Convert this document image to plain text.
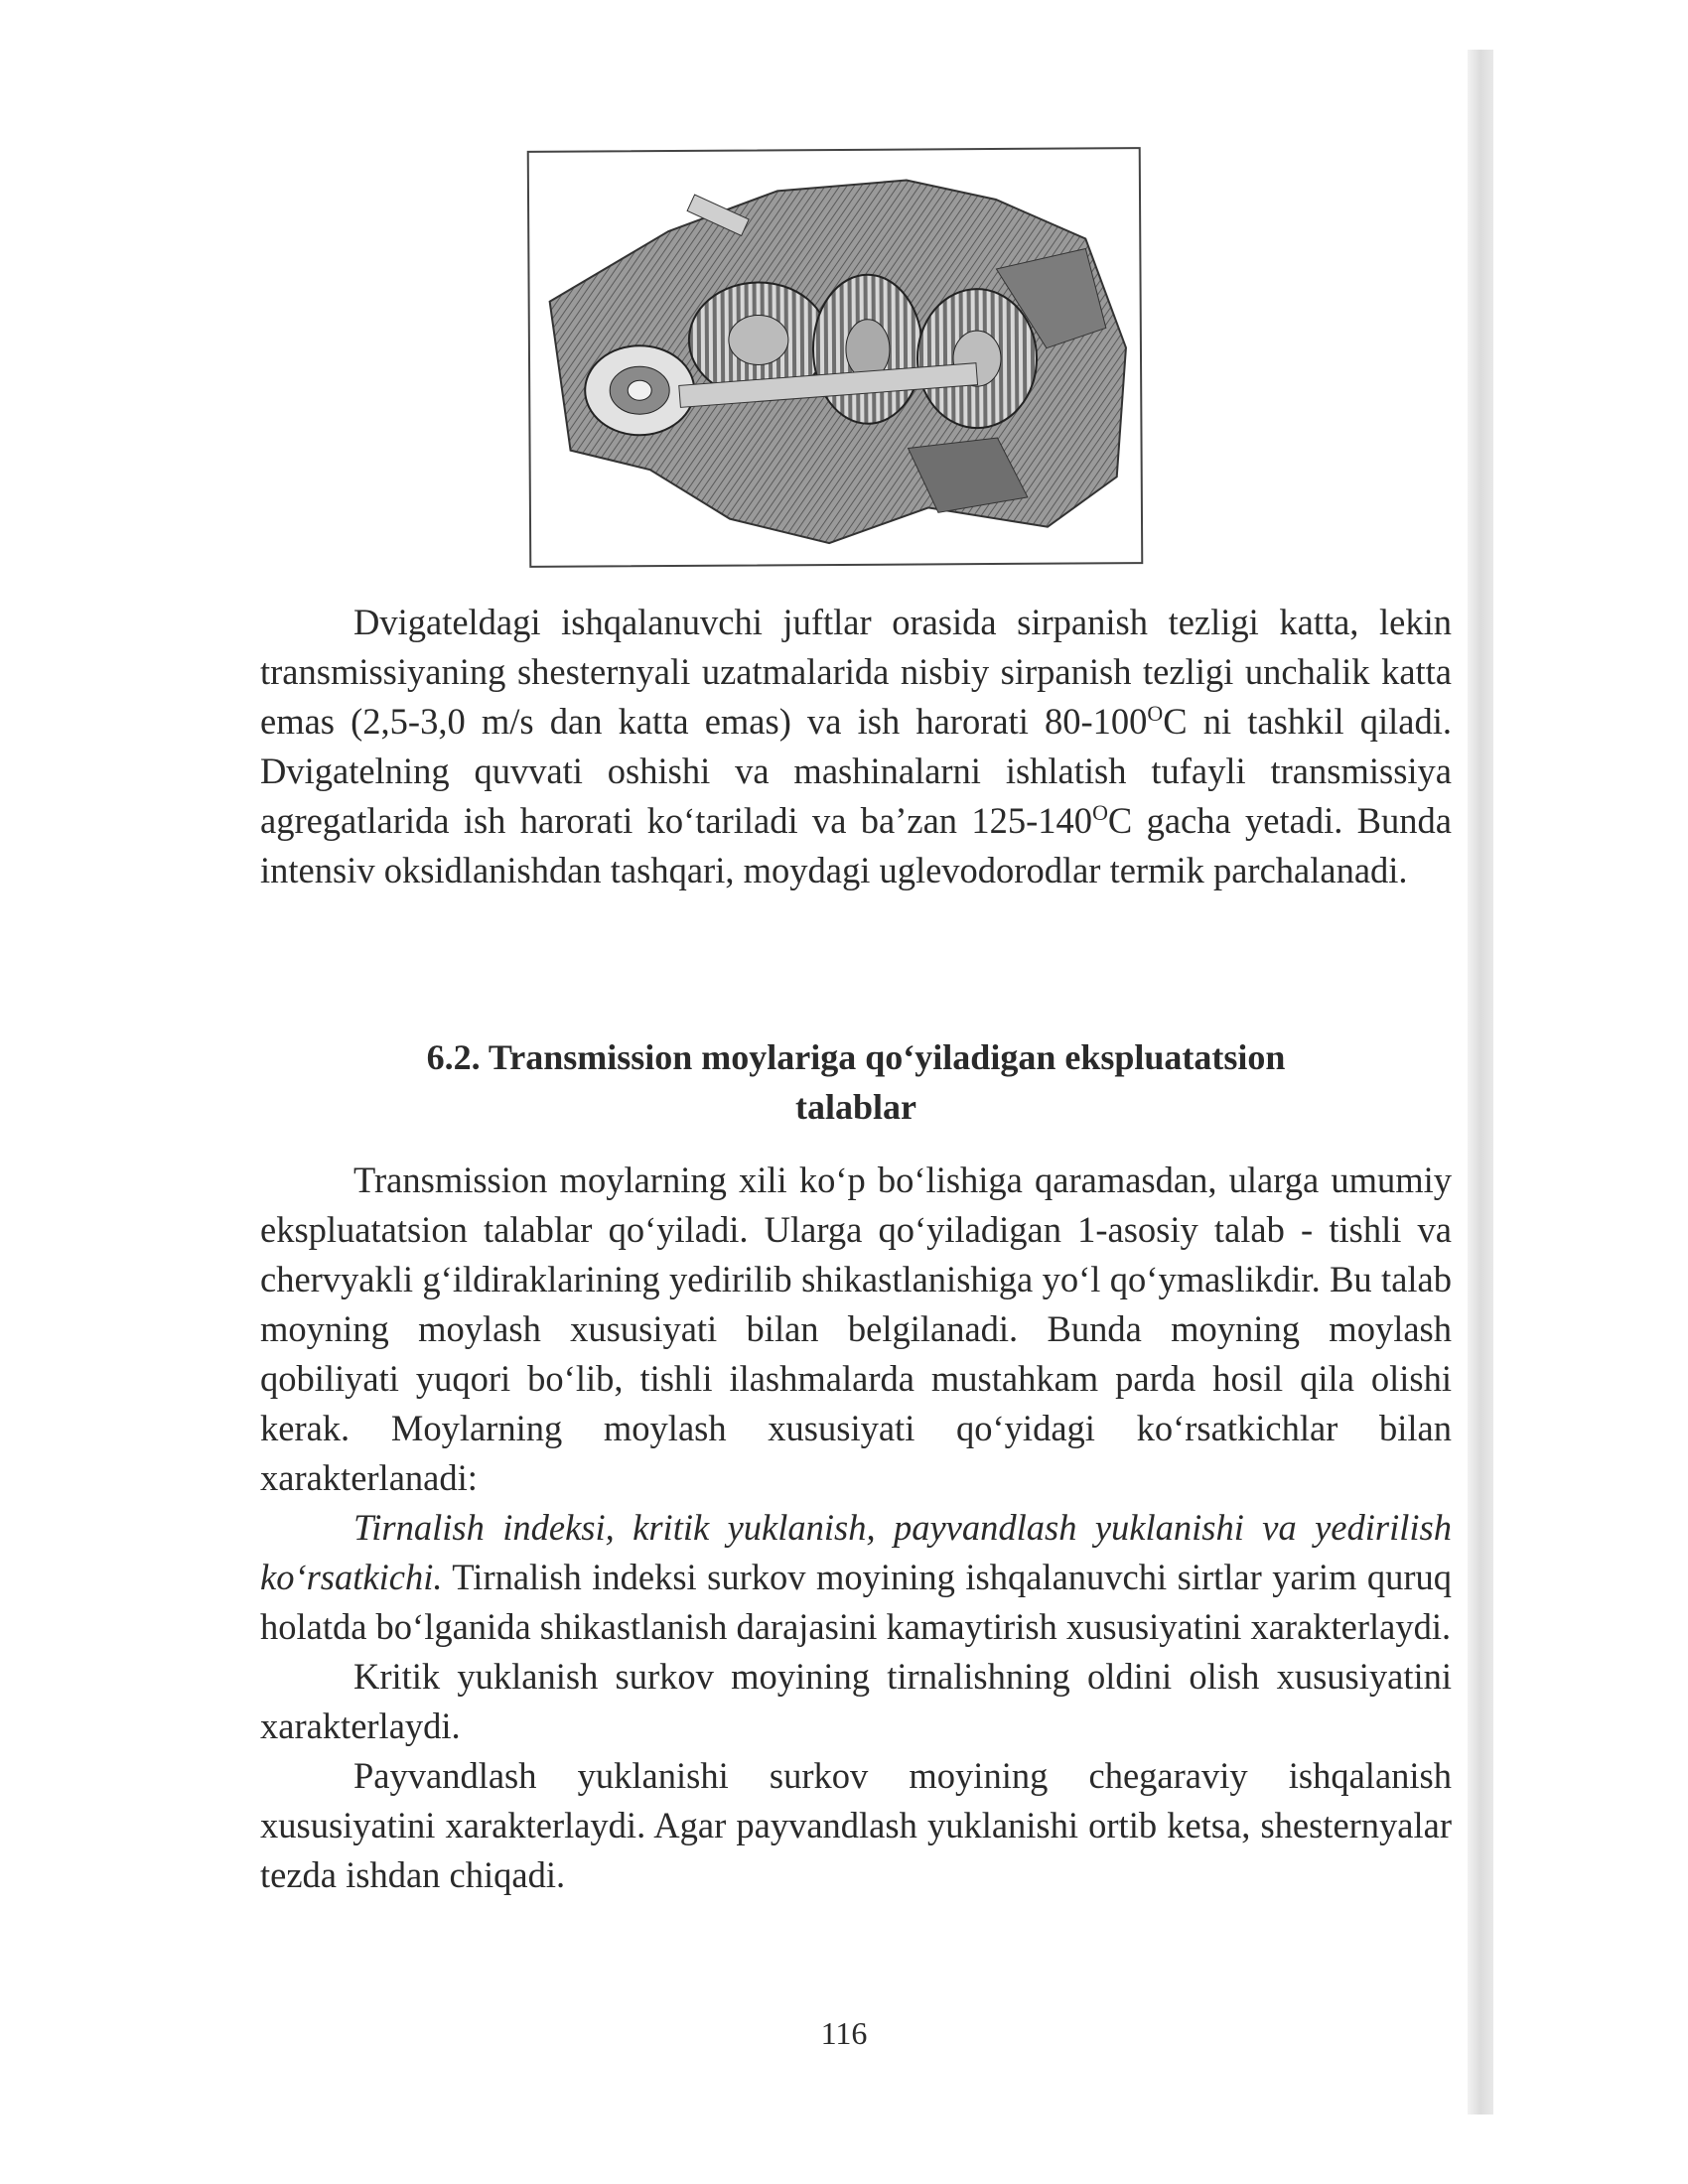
Dvigateldagi ishqalanuvchi juftlar orasida sirpanish tezligi katta, lekin transmissiyaning shesternyali uzatmalarida nisbiy sirpanish tezligi unchalik katta emas (2,5-3,0 m/s dan katta emas) va ish harorati $80-100^OC$ ni tashkil qiladi. Dvigatelning quvvati oshishi va mashinalarni ishlatish tufayli transmissiya agregatlarida ish harorati ko‘tariladi va ba’zan $125-140^OC$ gacha yetadi. Bunda intensiv oksidlanishdan tashqari, moydagi uglevodorodlar termik parchalanadi.

6.2. Transmission moylariga qo‘yiladigan ekspluatatsion
talablar

Transmission moylarning xili ko‘p bo‘lishiga qaramasdan, ularga umumiy ekspluatatsion talablar qo‘yiladi. Ularga qo‘yiladigan 1-asosiy talab - tishli va chervyakli g‘ildiraklarining yedirilib shikastlanishiga yo‘l qo‘ymaslikdir. Bu talab moyning moylash xususiyati bilan belgilanadi. Bunda moyning moylash qobiliyati yuqori bo‘lib, tishli ilashmalarda mustahkam parda hosil qila olishi kerak. Moylarning moylash xususiyati qo‘yidagi ko‘rsatkichlar bilan xarakterlanadi:

Tirnalish indeksi, kritik yuklanish, payvandlash yuklanishi va yedirilish ko‘rsatkichi. Tirnalish indeksi surkov moyining ishqalanuvchi sirtlar yarim quruq holatda bo‘lganida shikastlanish darajasini kamaytirish xususiyatini xarakterlaydi.

Kritik yuklanish surkov moyining tirnalishning oldini olish xususiyatini xarakterlaydi.

Payvandlash yuklanishi surkov moyining chegaraviy ishqalanish xususiyatini xarakterlaydi. Agar payvandlash yuklanishi ortib ketsa, shesternyalar tezda ishdan chiqadi.

116
